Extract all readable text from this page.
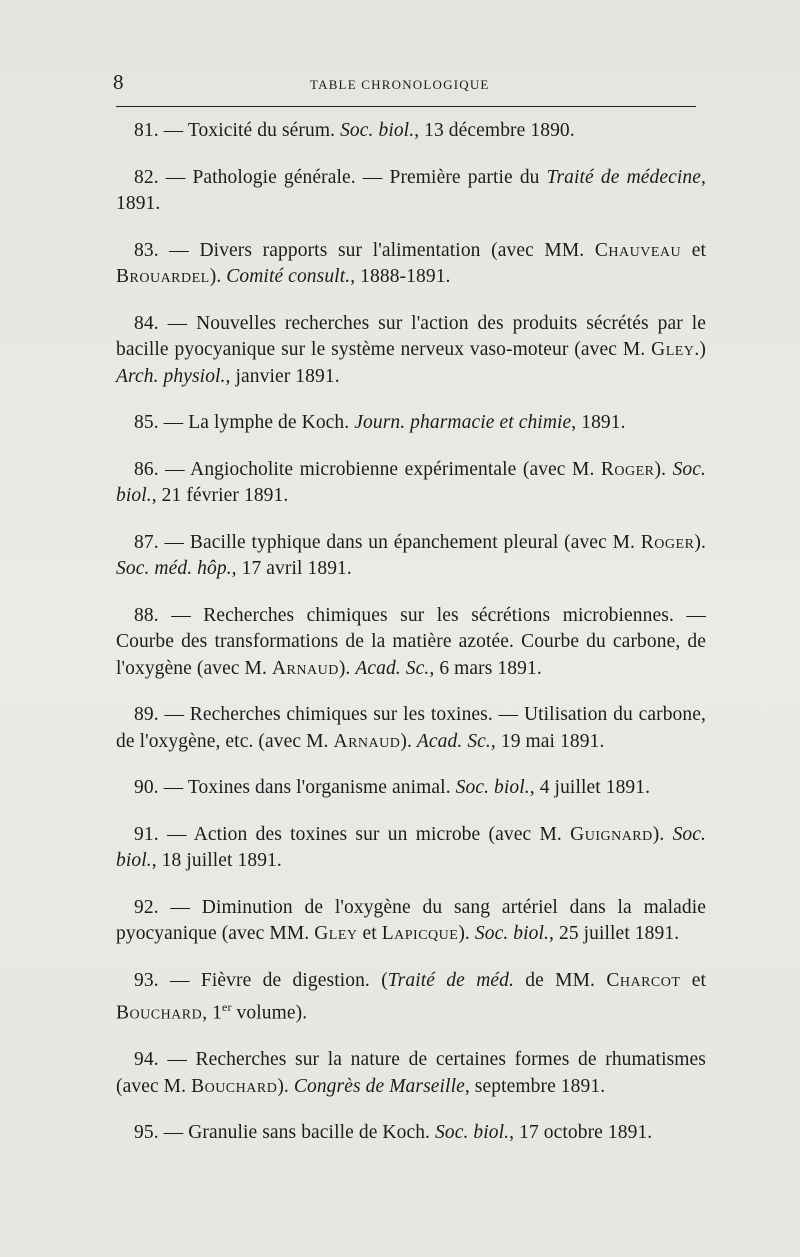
8	TABLE CHRONOLOGIQUE

81. — Toxicité du sérum. Soc. biol., 13 décembre 1890.

82. — Pathologie générale. — Première partie du Traité de médecine, 1891.

83. — Divers rapports sur l'alimentation (avec MM. Chauveau et Brouardel). Comité consult., 1888-1891.

84. — Nouvelles recherches sur l'action des produits sécrétés par le bacille pyocyanique sur le système nerveux vaso-moteur (avec M. Gley.) Arch. physiol., janvier 1891.

85. — La lymphe de Koch. Journ. pharmacie et chimie, 1891.

86. — Angiocholite microbienne expérimentale (avec M. Roger). Soc. biol., 21 février 1891.

87. — Bacille typhique dans un épanchement pleural (avec M. Roger). Soc. méd. hôp., 17 avril 1891.

88. — Recherches chimiques sur les sécrétions microbiennes. — Courbe des transformations de la matière azotée. Courbe du carbone, de l'oxygène (avec M. Arnaud). Acad. Sc., 6 mars 1891.

89. — Recherches chimiques sur les toxines. — Utilisation du carbone, de l'oxygène, etc. (avec M. Arnaud). Acad. Sc., 19 mai 1891.

90. — Toxines dans l'organisme animal. Soc. biol., 4 juillet 1891.

91. — Action des toxines sur un microbe (avec M. Guignard). Soc. biol., 18 juillet 1891.

92. — Diminution de l'oxygène du sang artériel dans la maladie pyocyanique (avec MM. Gley et Lapicque). Soc. biol., 25 juillet 1891.

93. — Fièvre de digestion. (Traité de méd. de MM. Charcot et Bouchard, 1er volume).

94. — Recherches sur la nature de certaines formes de rhumatismes (avec M. Bouchard). Congrès de Marseille, septembre 1891.

95. — Granulie sans bacille de Koch. Soc. biol., 17 octobre 1891.
